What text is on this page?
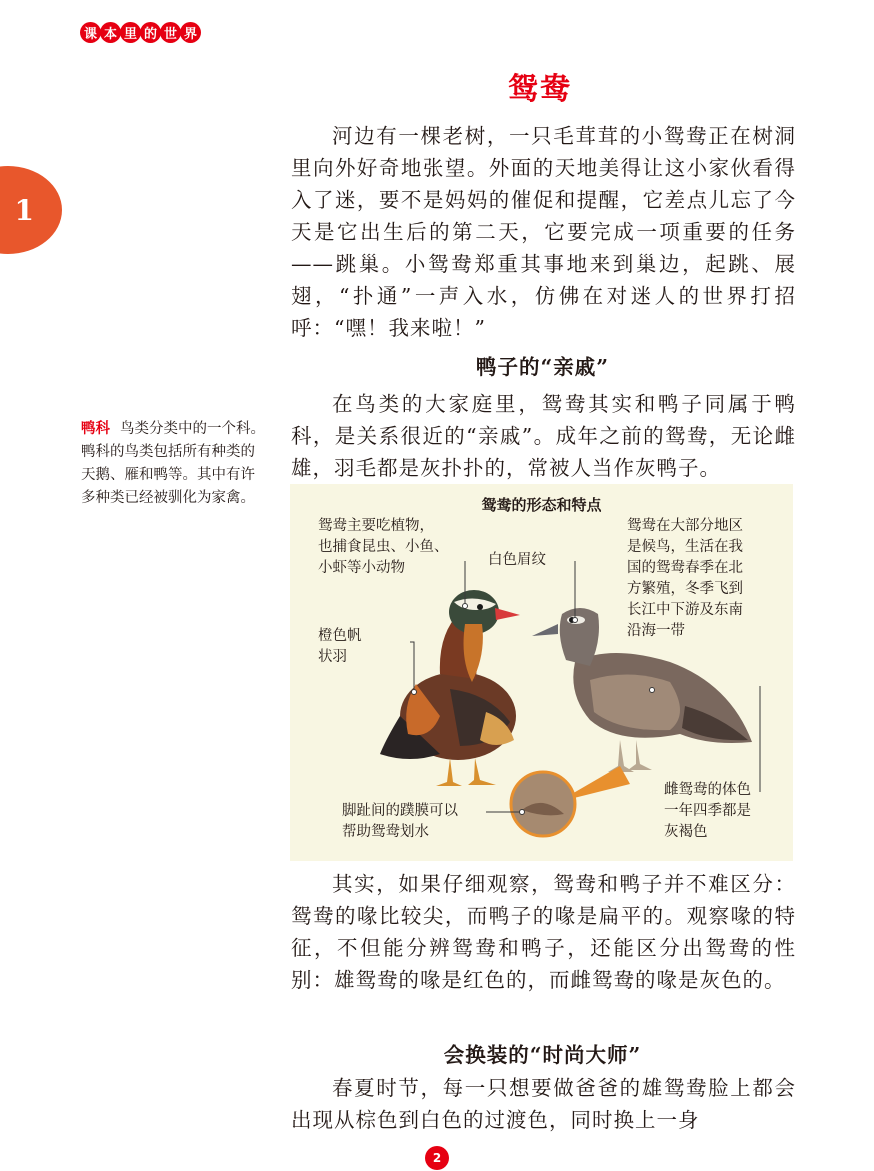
课 本 里 的 世 界
1
鸳鸯

河边有一棵老树，一只毛茸茸的小鸳鸯正在树洞里向外好奇地张望。外面的天地美得让这小家伙看得入了迷，要不是妈妈的催促和提醒，它差点儿忘了今天是它出生后的第二天，它要完成一项重要的任务——跳巢。小鸳鸯郑重其事地来到巢边，起跳、展翅，“扑通”一声入水，仿佛在对迷人的世界打招呼：“嘿！我来啦！”

鸭子的“亲戚”

在鸟类的大家庭里，鸳鸯其实和鸭子同属于鸭科，是关系很近的“亲戚”。成年之前的鸳鸯，无论雌雄，羽毛都是灰扑扑的，常被人当作灰鸭子。

鸭科 鸟类分类中的一个科。鸭科的鸟类包括所有种类的天鹅、雁和鸭等。其中有许多种类已经被驯化为家禽。	鸳鸯的形态和特点
鸳鸯主要吃植物，
也捕食昆虫、小鱼、
小虾等小动物	白色眉纹
鸳鸯在大部分地区
是候鸟，生活在我
国的鸳鸯春季在北
方繁殖，冬季飞到
长江中下游及东南
沿海一带
橙色帆
状羽
脚趾间的蹼膜可以
帮助鸳鸯划水
雌鸳鸯的体色
一年四季都是
灰褐色

其实，如果仔细观察，鸳鸯和鸭子并不难区分：鸳鸯的喙比较尖，而鸭子的喙是扁平的。观察喙的特征，不但能分辨鸳鸯和鸭子，还能区分出鸳鸯的性别：雄鸳鸯的喙是红色的，而雌鸳鸯的喙是灰色的。

会换装的“时尚大师”

春夏时节，每一只想要做爸爸的雄鸳鸯脸上都会出现从棕色到白色的过渡色，同时换上一身

2
